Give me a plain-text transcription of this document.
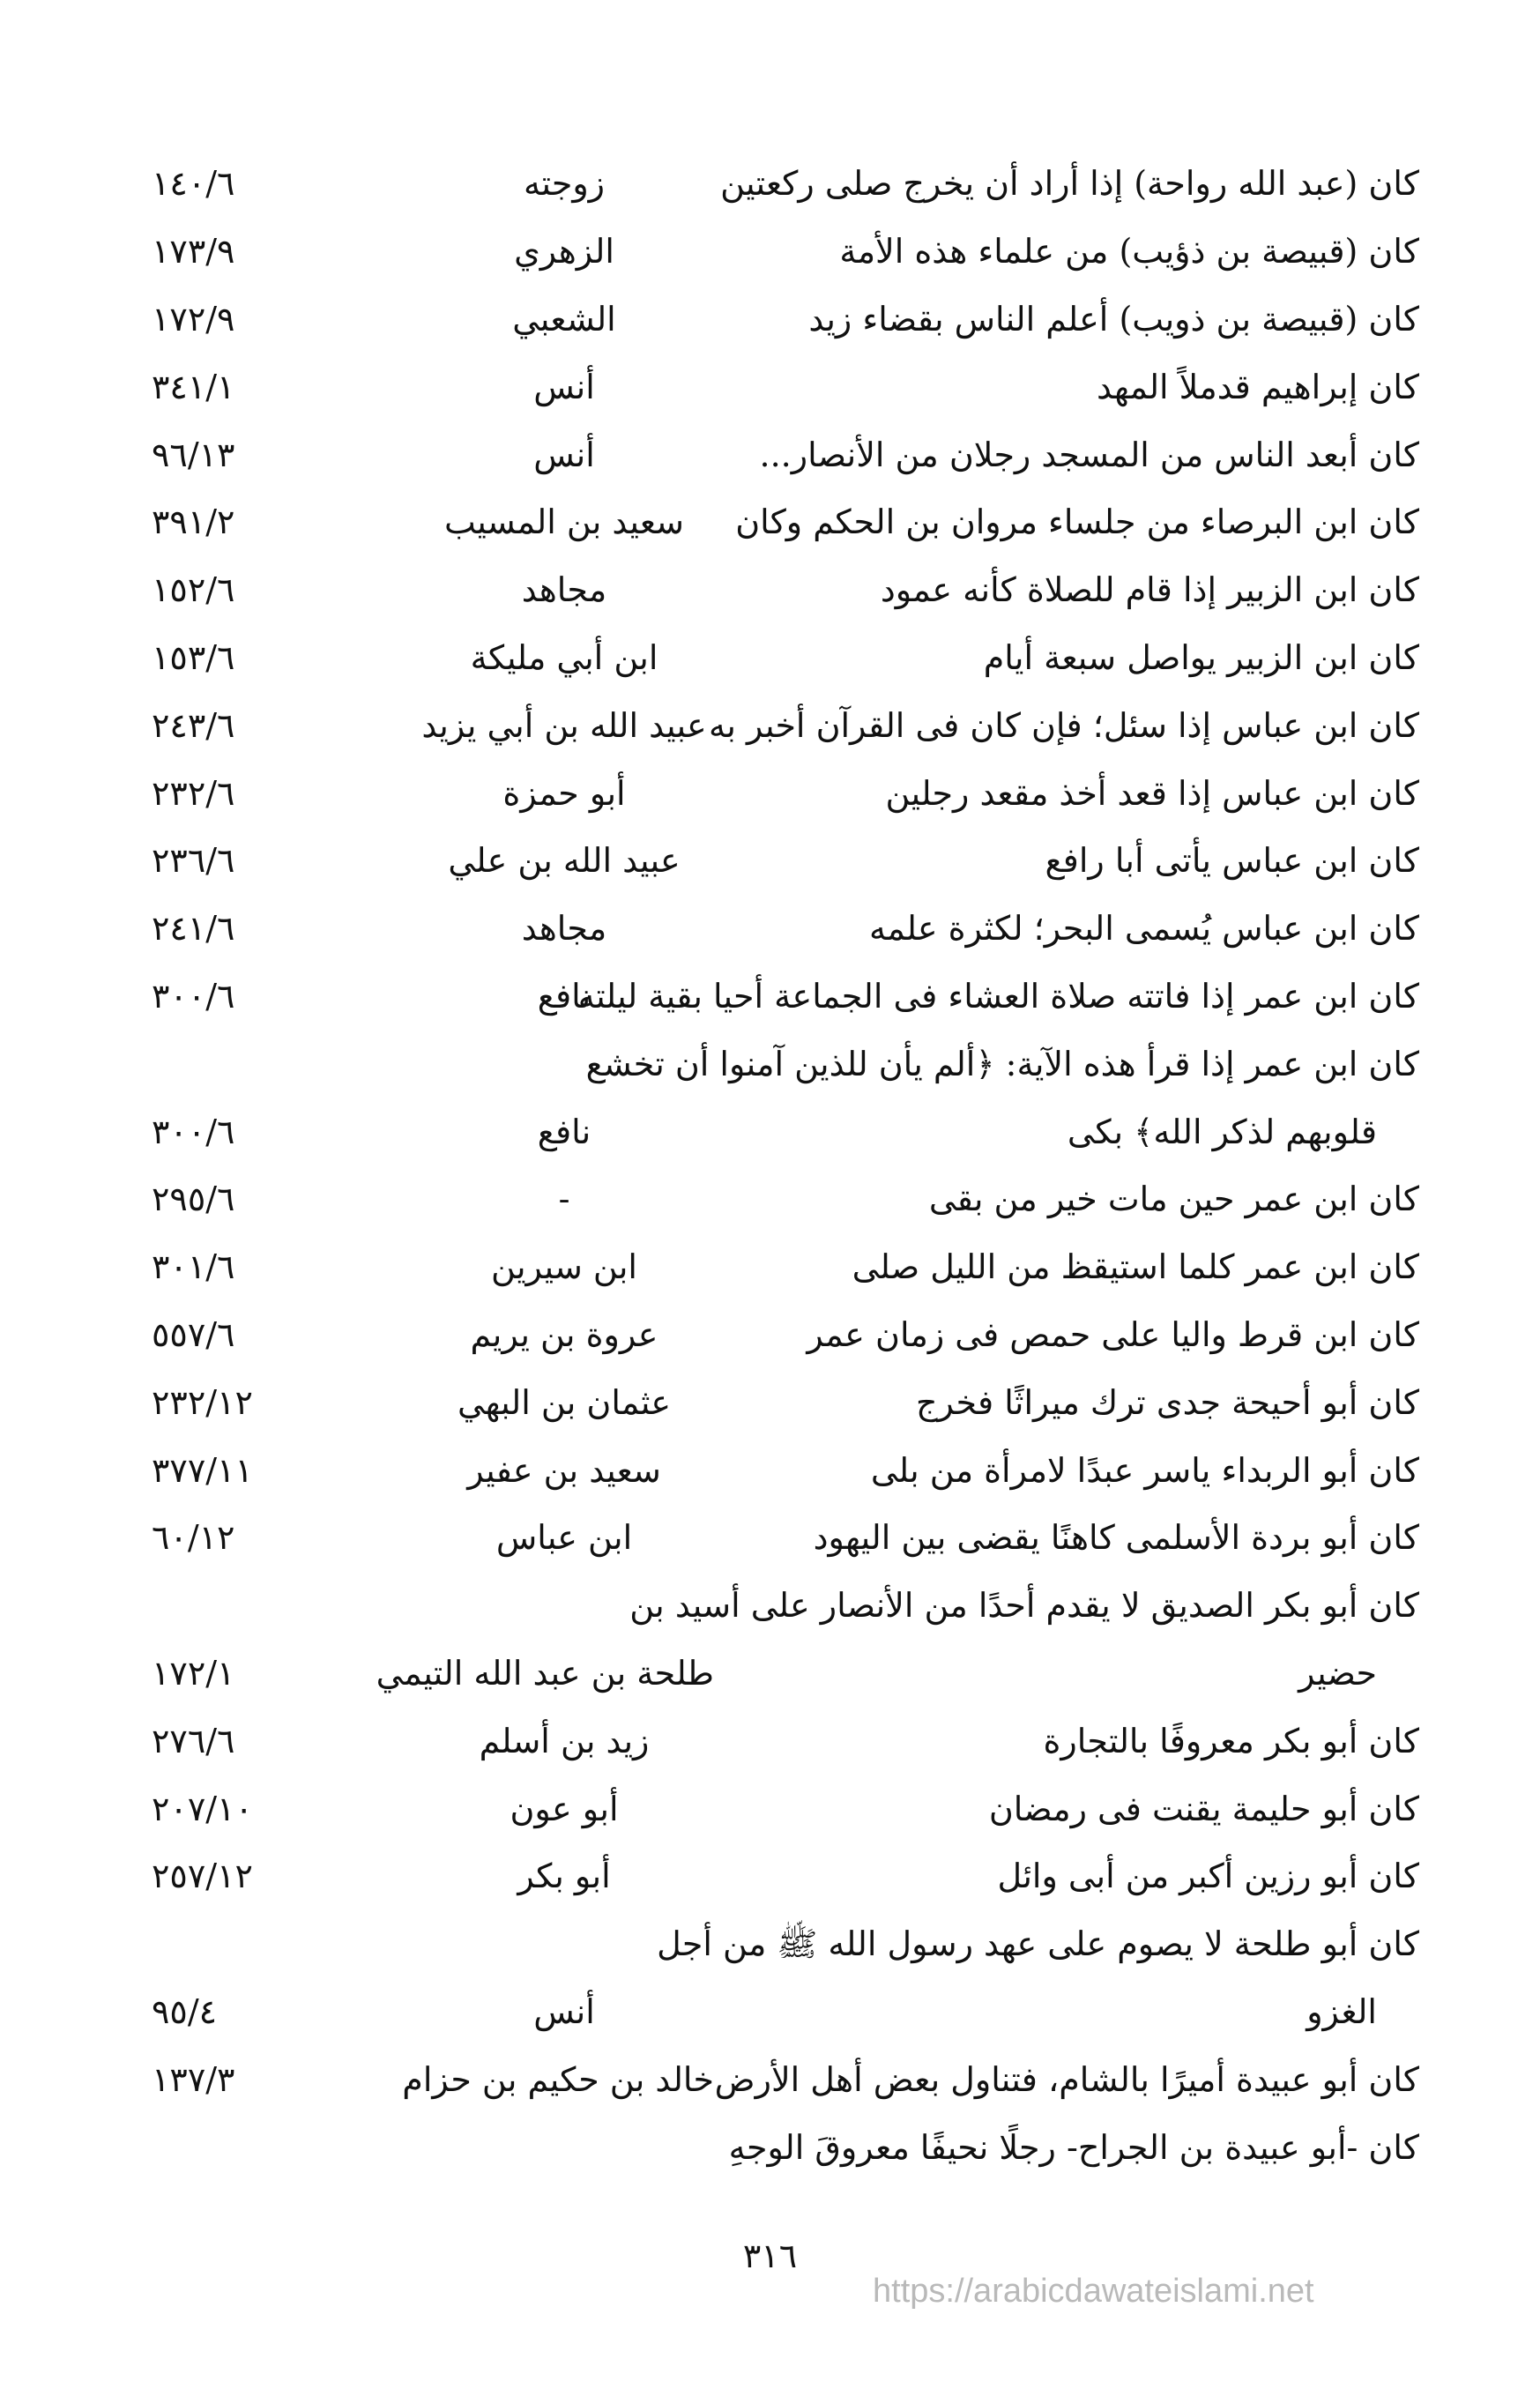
كان (عبد الله رواحة) إذا أراد أن يخرج صلى ركعتين
زوجته
١٤٠/٦
كان (قبيصة بن ذؤيب) من علماء هذه الأمة
الزهري
١٧٣/٩
كان (قبيصة بن ذويب) أعلم الناس بقضاء زيد
الشعبي
١٧٢/٩
كان إبراهيم قدملاً المهد
أنس
٣٤١/١
كان أبعد الناس من المسجد رجلان من الأنصار...
أنس
٩٦/١٣
كان ابن البرصاء من جلساء مروان بن الحكم وكان
سعيد بن المسيب
٣٩١/٢
كان ابن الزبير إذا قام للصلاة كأنه عمود
مجاهد
١٥٢/٦
كان ابن الزبير يواصل سبعة أيام
ابن أبي مليكة
١٥٣/٦
كان ابن عباس إذا سئل؛ فإن كان فى القرآن أخبر به
عبيد الله بن أبي يزيد
٢٤٣/٦
كان ابن عباس إذا قعد أخذ مقعد رجلين
أبو حمزة
٢٣٢/٦
كان ابن عباس يأتى أبا رافع
عبيد الله بن علي
٢٣٦/٦
كان ابن عباس يُسمى البحر؛ لكثرة علمه
مجاهد
٢٤١/٦
كان ابن عمر إذا فاتته صلاة العشاء فى الجماعة أحيا بقية ليلته
نافع
٣٠٠/٦
كان ابن عمر إذا قرأ هذه الآية: ﴿ألم يأن للذين آمنوا أن تخشع
قلوبهم لذكر الله﴾ بكى
نافع
٣٠٠/٦
كان ابن عمر حين مات خير من بقى
-
٢٩٥/٦
كان ابن عمر كلما استيقظ من الليل صلى
ابن سيرين
٣٠١/٦
كان ابن قرط واليا على حمص فى زمان عمر
عروة بن يريم
٥٥٧/٦
كان أبو أحيحة جدى ترك ميراثًا فخرج
عثمان بن البهي
٢٣٢/١٢
كان أبو الربداء ياسر عبدًا لامرأة من بلى
سعيد بن عفير
٣٧٧/١١
كان أبو بردة الأسلمى كاهنًا يقضى بين اليهود
ابن عباس
٦٠/١٢
كان أبو بكر الصديق لا يقدم أحدًا من الأنصار على أسيد بن
حضير
طلحة بن عبد الله التيمي
١٧٢/١
كان أبو بكر معروفًا بالتجارة
زيد بن أسلم
٢٧٦/٦
كان أبو حليمة يقنت فى رمضان
أبو عون
٢٠٧/١٠
كان أبو رزين أكبر من أبى وائل
أبو بكر
٢٥٧/١٢
كان أبو طلحة لا يصوم على عهد رسول الله ﷺ من أجل
الغزو
أنس
٩٥/٤
كان أبو عبيدة أميرًا بالشام، فتناول بعض أهل الأرض
خالد بن حكيم بن حزام
١٣٧/٣
كان -أبو عبيدة بن الجراح- رجلًا نحيفًا معروقَ الوجهِ
٣١٦
https://arabicdawateislami.net
